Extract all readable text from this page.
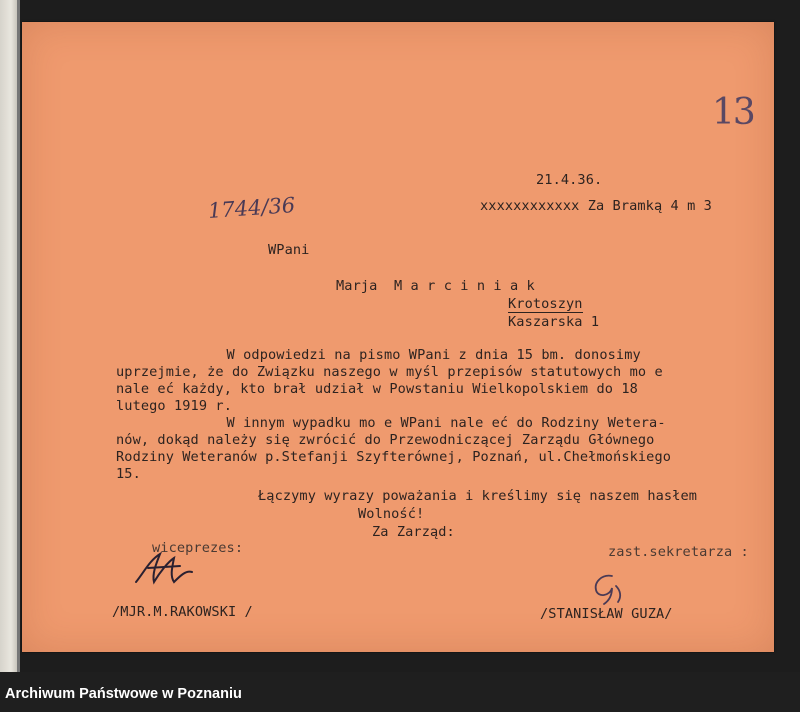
13
1744/36
21.4.36.
xxxxxxxxxxxx Za Bramką 4 m 3
WPani
Marja  M a r c i n i a k
Krotoszyn
Kaszarska 1
W odpowiedzi na pismo WPani z dnia 15 bm. donosimy
uprzejmie, że do Związku naszego w myśl przepisów statutowych mo e
nale eć każdy, kto brał udział w Powstaniu Wielkopolskiem do 18
lutego 1919 r.
W innym wypadku mo e WPani nale eć do Rodziny Wetera-
nów, dokąd należy się zwrócić do Przewodniczącej Zarządu Głównego
Rodziny Weteranów p.Stefanji Szyfterównej, Poznań, ul.Chełmońskiego
15.
Łączymy wyrazy poważania i kreślimy się naszem hasłem
Wolność!
Za Zarząd:
wiceprezes:	zast.sekretarza :
/MJR.M.RAKOWSKI /	/STANISŁAW GUZA/
Archiwum Państwowe w Poznaniu
